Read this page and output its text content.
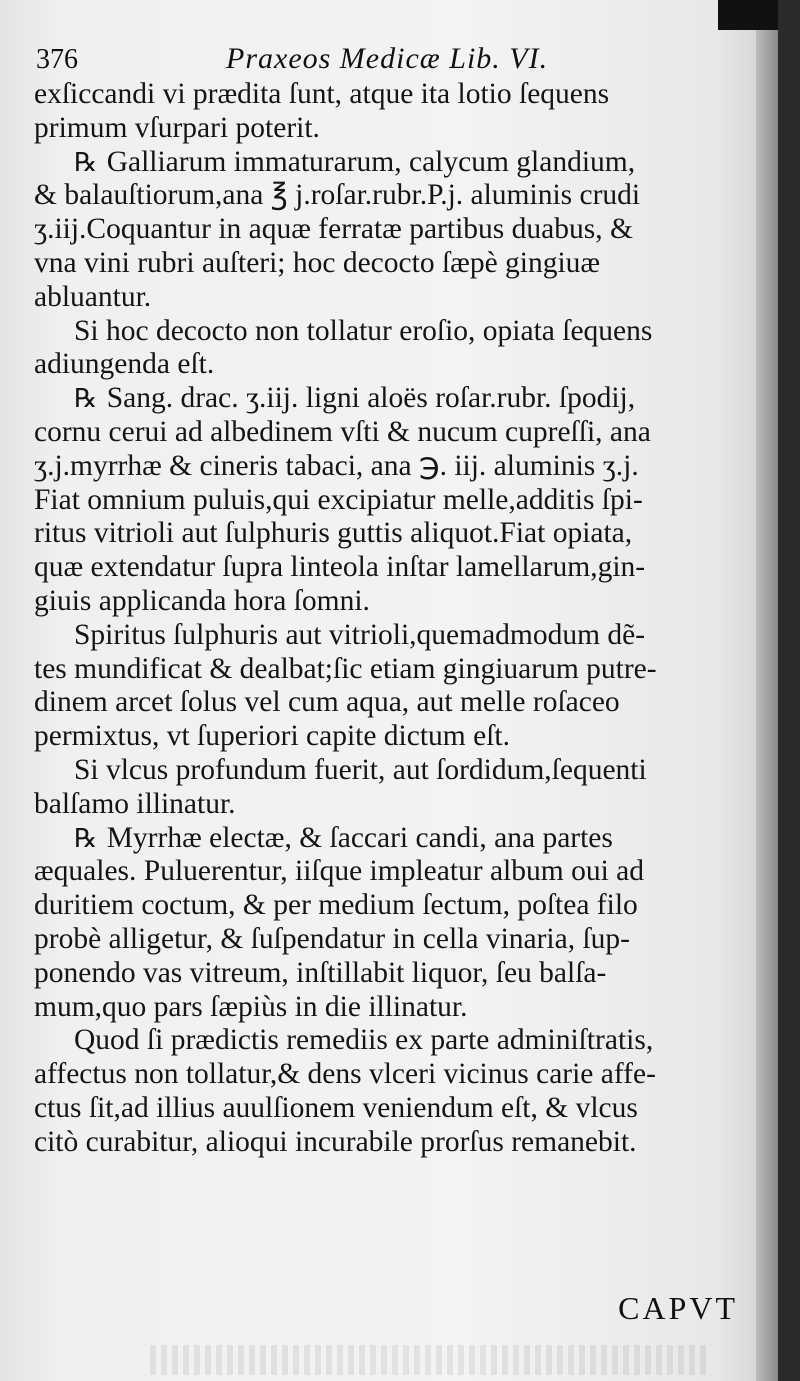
376	Praxeos Medicæ Lib. VI.
exſiccandi vi prædita ſunt, atque ita lotio ſequens
primum vſurpari poterit.
℞ Galliarum immaturarum, calycum glandium,
& balauſtiorum,ana ℥ j.roſar.rubr.P.j. aluminis crudi
ʒ.iij.Coquantur in aquæ ferratæ partibus duabus, &
vna vini rubri auſteri; hoc decocto ſæpè gingiuæ
abluantur.
Si hoc decocto non tollatur eroſio, opiata ſequens
adiungenda eſt.
℞ Sang. drac. ʒ.iij. ligni aloës roſar.rubr. ſpodij,
cornu cerui ad albedinem vſti & nucum cupreſſi, ana
ʒ.j.myrrhæ & cineris tabaci, ana ℈. iij. aluminis ʒ.j.
Fiat omnium puluis,qui excipiatur melle,additis ſpi-
ritus vitrioli aut ſulphuris guttis aliquot.Fiat opiata,
quæ extendatur ſupra linteola inſtar lamellarum,gin-
giuis applicanda hora ſomni.
Spiritus ſulphuris aut vitrioli,quemadmodum dẽ-
tes mundificat & dealbat;ſic etiam gingiuarum putre-
dinem arcet ſolus vel cum aqua, aut melle roſaceo
permixtus, vt ſuperiori capite dictum eſt.
Si vlcus profundum fuerit, aut ſordidum,ſequenti
balſamo illinatur.
℞ Myrrhæ electæ, & ſaccari candi, ana partes
æquales. Puluerentur, iiſque impleatur album oui ad
duritiem coctum, & per medium ſectum, poſtea filo
probè alligetur, & ſuſpendatur in cella vinaria, ſup-
ponendo vas vitreum, inſtillabit liquor, ſeu balſa-
mum,quo pars ſæpiùs in die illinatur.
Quod ſi prædictis remediis ex parte adminiſtratis,
affectus non tollatur,& dens vlceri vicinus carie affe-
ctus ſit,ad illius auulſionem veniendum eſt, & vlcus
citò curabitur, alioqui incurabile prorſus remanebit.
CAPVT
